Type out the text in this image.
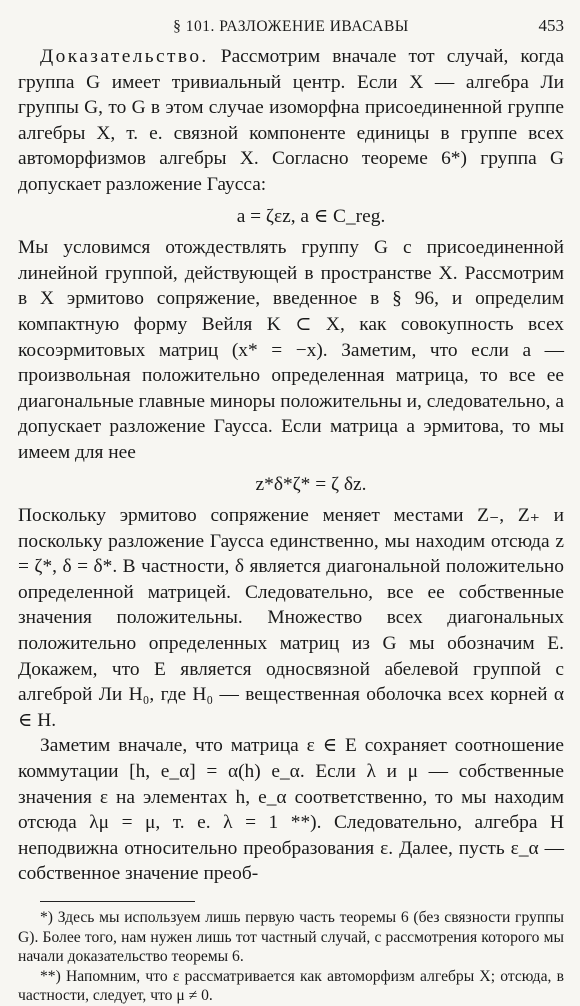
§ 101. РАЗЛОЖЕНИЕ ИВАСАВЫ	453

Доказательство. Рассмотрим вначале тот случай, когда группа G имеет тривиальный центр. Если X — алгебра Ли группы G, то G в этом случае изоморфна присоединенной группе алгебры X, т. е. связной компоненте единицы в группе всех автоморфизмов алгебры X. Согласно теореме 6*) группа G допускает разложение Гаусса:

a = ζεz, a ∈ C_reg.

Мы условимся отождествлять группу G с присоединенной линейной группой, действующей в пространстве X. Рассмотрим в X эрмитово сопряжение, введенное в § 96, и определим компактную форму Вейля K ⊂ X, как совокупность всех косоэрмитовых матриц (x* = −x). Заметим, что если a — произвольная положительно определенная матрица, то все ее диагональные главные миноры положительны и, следовательно, a допускает разложение Гаусса. Если матрица a эрмитова, то мы имеем для нее

z*δ*ζ* = ζ δz.

Поскольку эрмитово сопряжение меняет местами Z₋, Z₊ и поскольку разложение Гаусса единственно, мы находим отсюда z = ζ*, δ = δ*. В частности, δ является диагональной положительно определенной матрицей. Следовательно, все ее собственные значения положительны. Множество всех диагональных положительно определенных матриц из G мы обозначим E. Докажем, что E является односвязной абелевой группой с алгеброй Ли H₀, где H₀ — вещественная оболочка всех корней α ∈ H.

Заметим вначале, что матрица ε ∈ E сохраняет соотношение коммутации [h, e_α] = α(h) e_α. Если λ и μ — собственные значения ε на элементах h, e_α соответственно, то мы находим отсюда λμ = μ, т. е. λ = 1 **). Следовательно, алгебра H неподвижна относительно преобразования ε. Далее, пусть ε_α — собственное значение преоб-

*) Здесь мы используем лишь первую часть теоремы 6 (без связности группы G). Более того, нам нужен лишь тот частный случай, с рассмотрения которого мы начали доказательство теоремы 6.

**) Напомним, что ε рассматривается как автоморфизм алгебры X; отсюда, в частности, следует, что μ ≠ 0.
